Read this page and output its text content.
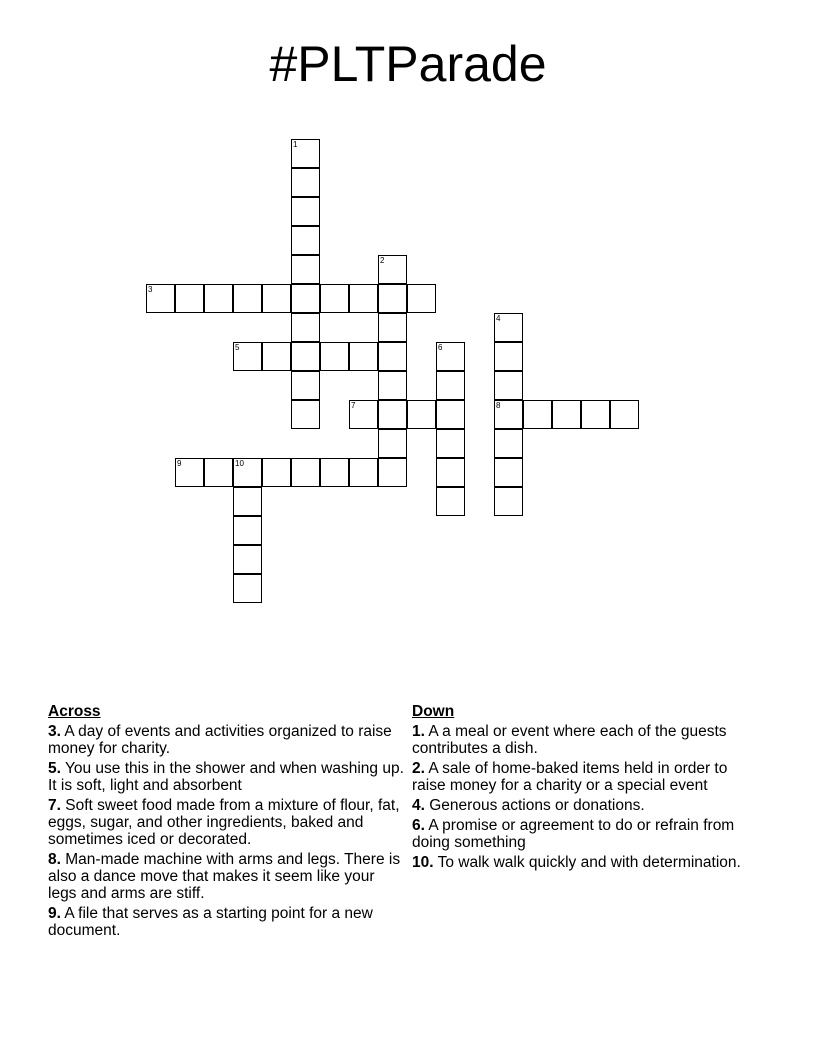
#PLTParade
1
2
3
4
8
5	6
7
9	10
Across
3. A day of events and activities organized to raise money for charity.
5. You use this in the shower and when washing up. It is soft, light and absorbent
7. Soft sweet food made from a mixture of flour, fat, eggs, sugar, and other ingredients, baked and sometimes iced or decorated.
8. Man-made machine with arms and legs. There is also a dance move that makes it seem like your legs and arms are stiff.
9. A file that serves as a starting point for a new document.
Down
1. A a meal or event where each of the guests contributes a dish.
2. A sale of home-baked items held in order to raise money for a charity or a special event
4. Generous actions or donations.
6. A promise or agreement to do or refrain from doing something
10. To walk walk quickly and with determination.
